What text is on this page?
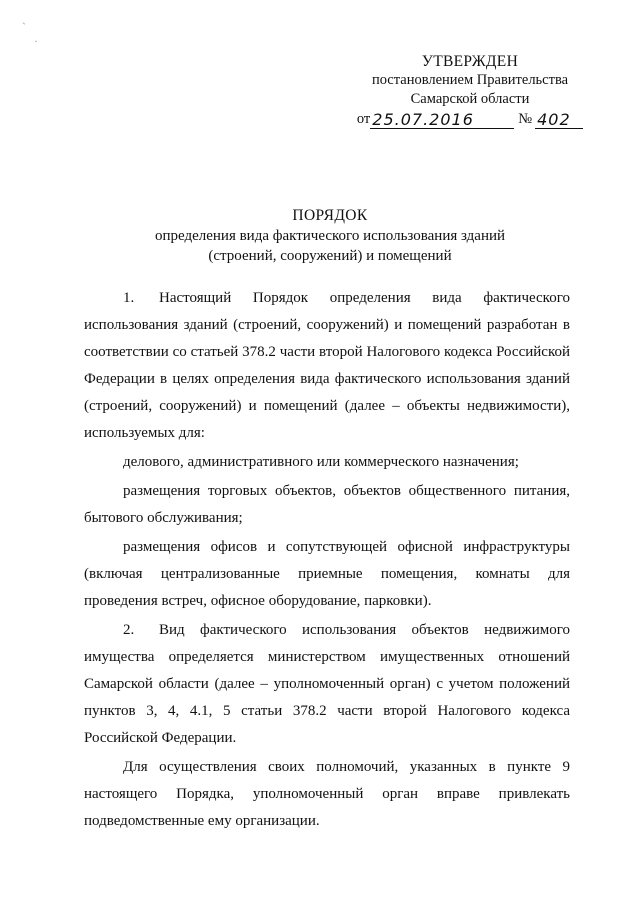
`
·
УТВЕРЖДЕН
постановлением Правительства
Самарской области
от 25.07.2016	№ 402
ПОРЯДОК
определения вида фактического использования зданий
(строений, сооружений) и помещений

1. Настоящий Порядок определения вида фактического использования зданий (строений, сооружений) и помещений разработан в соответствии со статьей 378.2 части второй Налогового кодекса Российской Федерации в целях определения вида фактического использования зданий (строений, сооружений) и помещений (далее – объекты недвижимости), используемых для:

делового, административного или коммерческого назначения;

размещения торговых объектов, объектов общественного питания, бытового обслуживания;

размещения офисов и сопутствующей офисной инфраструктуры (включая централизованные приемные помещения, комнаты для проведения встреч, офисное оборудование, парковки).

2. Вид фактического использования объектов недвижимого имущества определяется министерством имущественных отношений Самарской области (далее – уполномоченный орган) с учетом положений пунктов 3, 4, 4.1, 5 статьи 378.2 части второй Налогового кодекса Российской Федерации.

Для осуществления своих полномочий, указанных в пункте 9 настоящего Порядка, уполномоченный орган вправе привлекать подведомственные ему организации.
